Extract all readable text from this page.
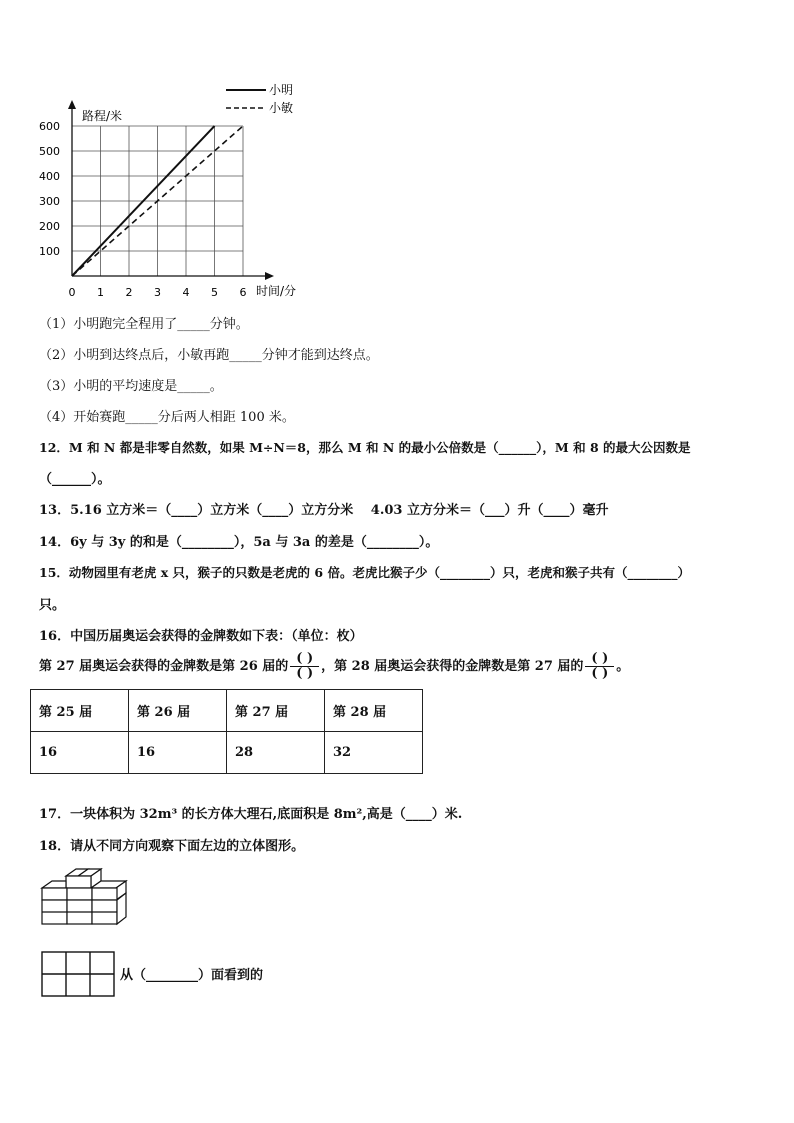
100
200
300
400
500
600
0 1 2 3 4 5 6
路程/米
时间/分
小明
小敏
（1）小明跑完全程用了_____分钟。
（2）小明到达终点后，小敏再跑_____分钟才能到达终点。
（3）小明的平均速度是_____。
（4）开始赛跑_____分后两人相距 100 米。
12．M 和 N 都是非零自然数，如果 M÷N＝8，那么 M 和 N 的最小公倍数是（______），M 和 8 的最大公因数是
（______）。
13．5.16 立方米＝（____）立方米（____）立方分米　 4.03 立方分米＝（___）升（____）毫升
14．6y 与 3y 的和是（________），5a 与 3a 的差是（________）。
15．动物园里有老虎 x 只，猴子的只数是老虎的 6 倍。老虎比猴子少（________）只，老虎和猴子共有（________）
只。
16．中国历届奥运会获得的金牌数如下表：（单位：枚）
第 27 届奥运会获得的金牌数是第 26 届的 $\frac{( )}{( )}$ ，第 28 届奥运会获得的金牌数是第 27 届的 $\frac{( )}{( )}$ 。
第 25 届	第 26 届	第 27 届	第 28 届
16	16	28	32
17．一块体积为 32m³ 的长方体大理石,底面积是 8m²,高是（____）米.
18．请从不同方向观察下面左边的立体图形。
从（________）面看到的
